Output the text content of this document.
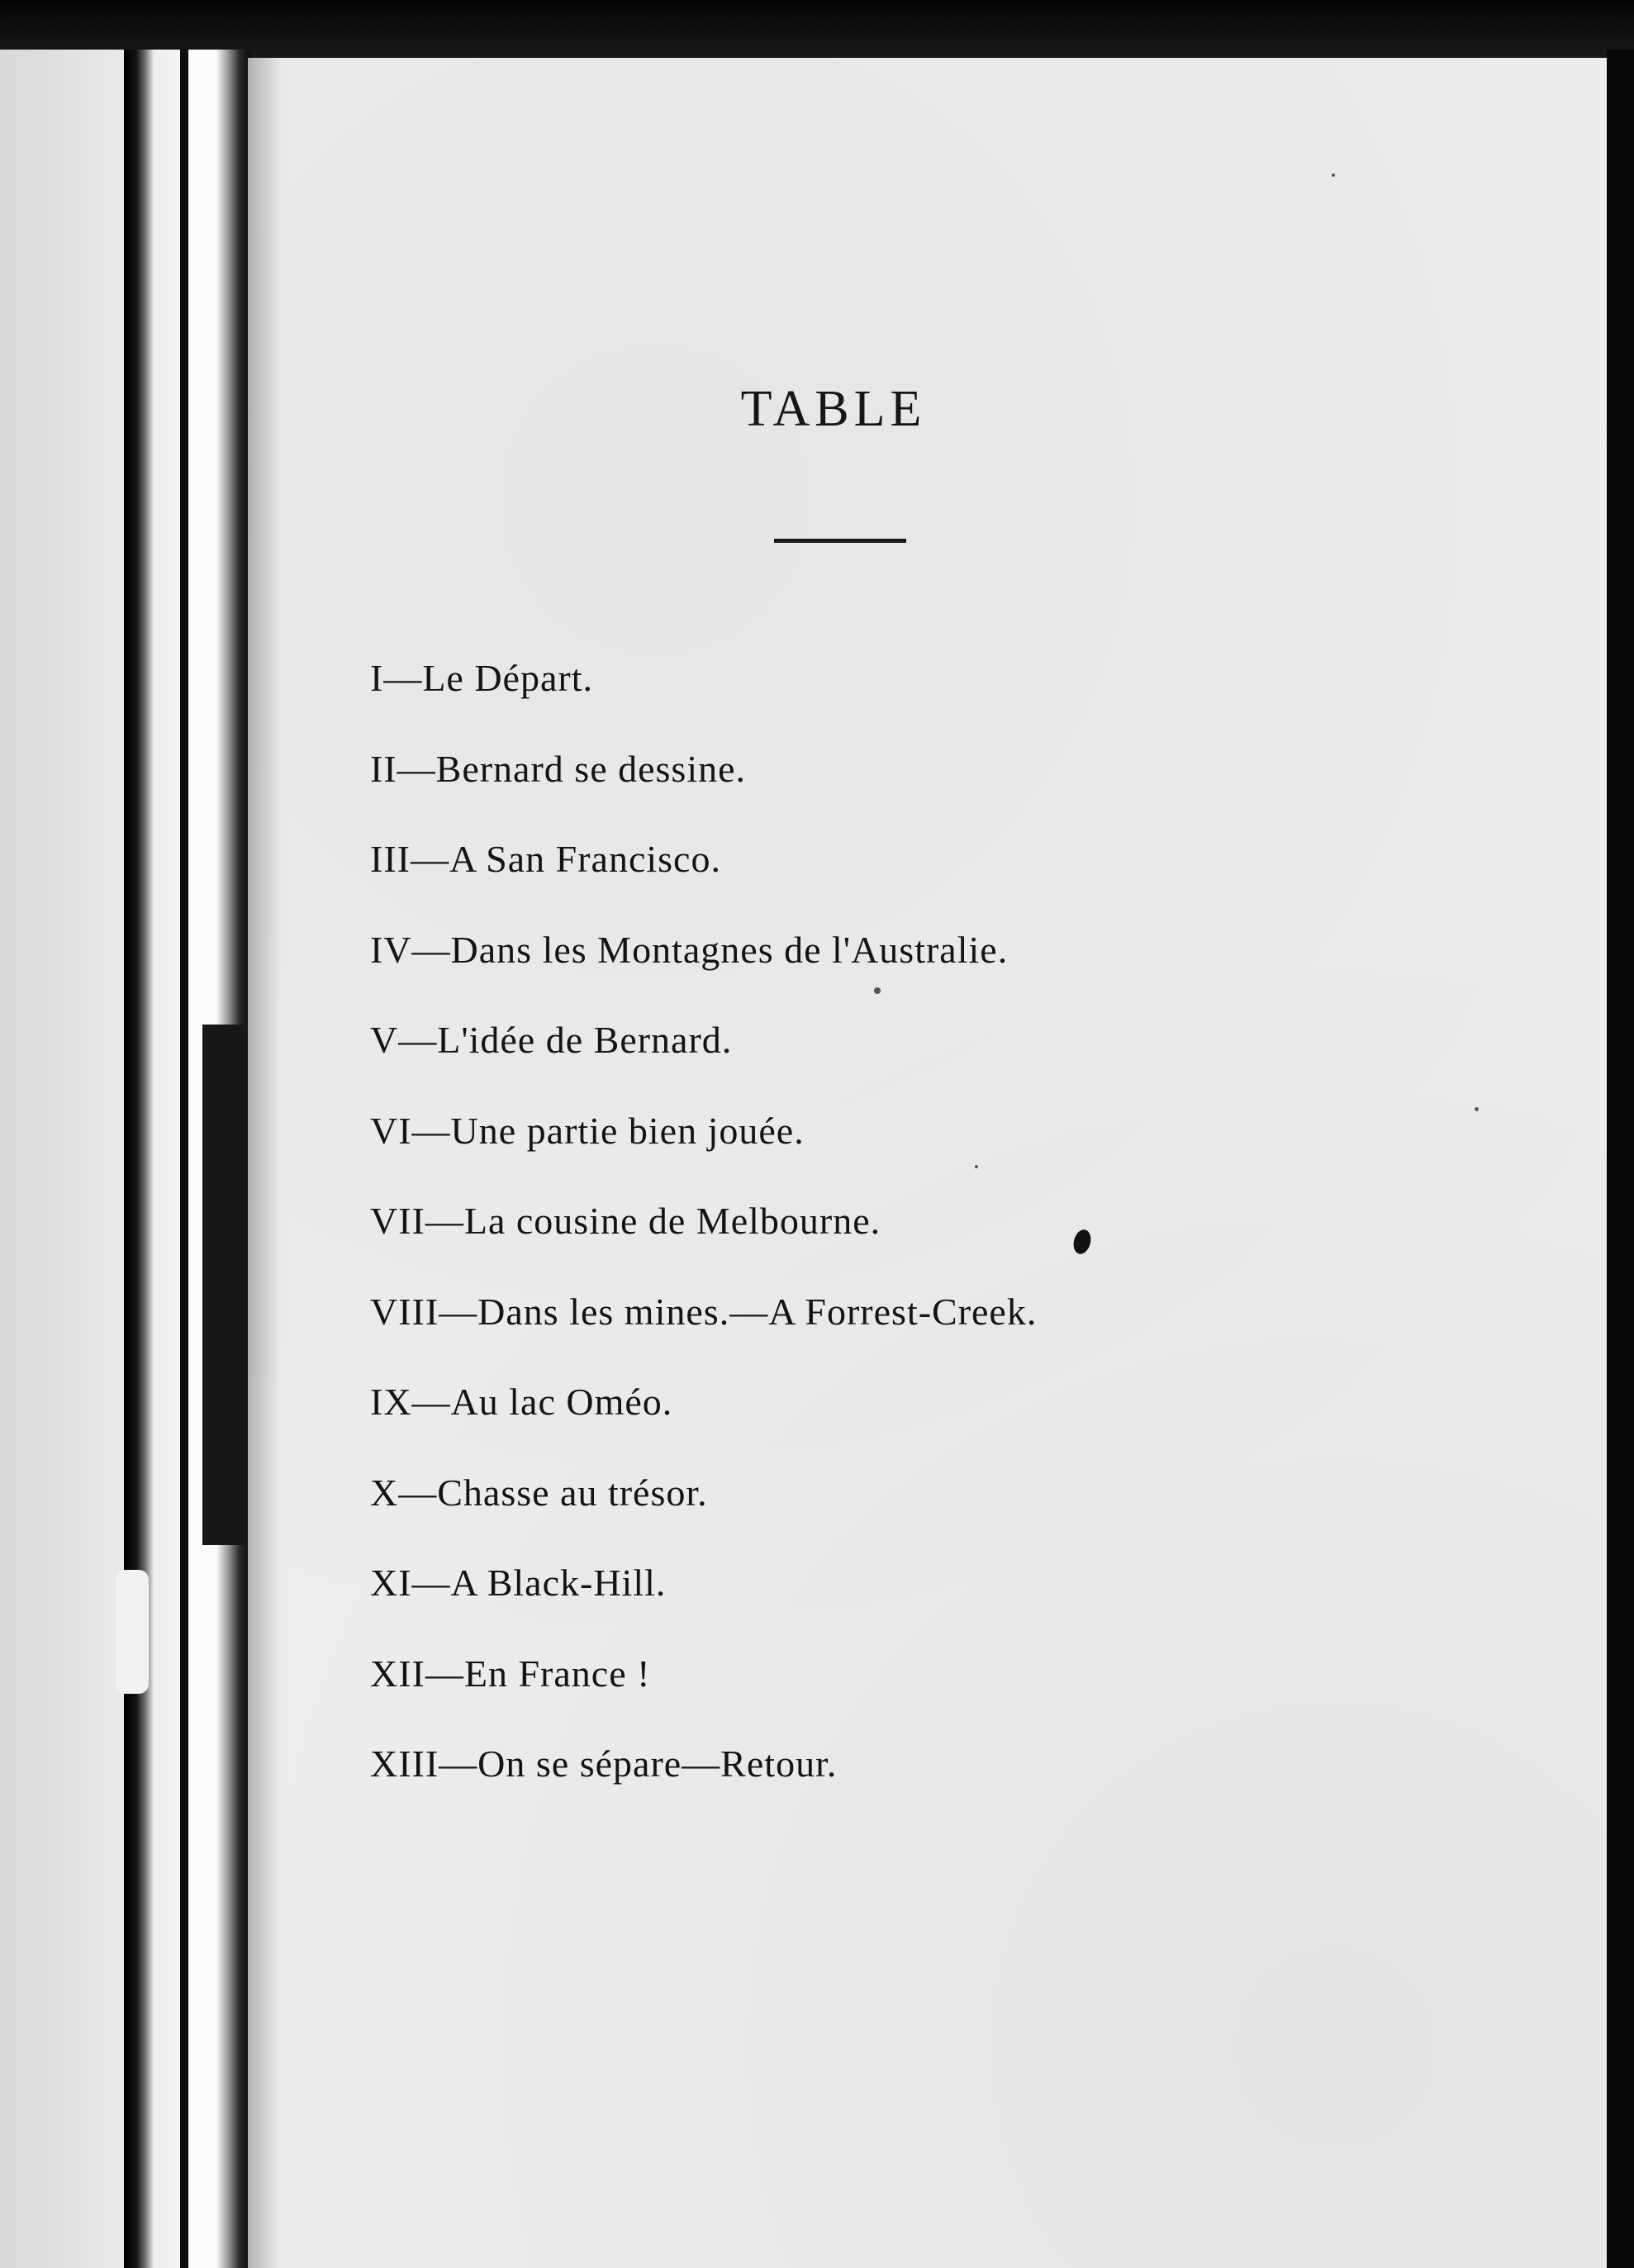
TABLE
I—Le Départ.
II—Bernard se dessine.
III—A San Francisco.
IV—Dans les Montagnes de l'Australie.
V—L'idée de Bernard.
VI—Une partie bien jouée.
VII—La cousine de Melbourne.
VIII—Dans les mines.—A Forrest-Creek.
IX—Au lac Oméo.
X—Chasse au trésor.
XI—A Black-Hill.
XII—En France !
XIII—On se sépare—Retour.
